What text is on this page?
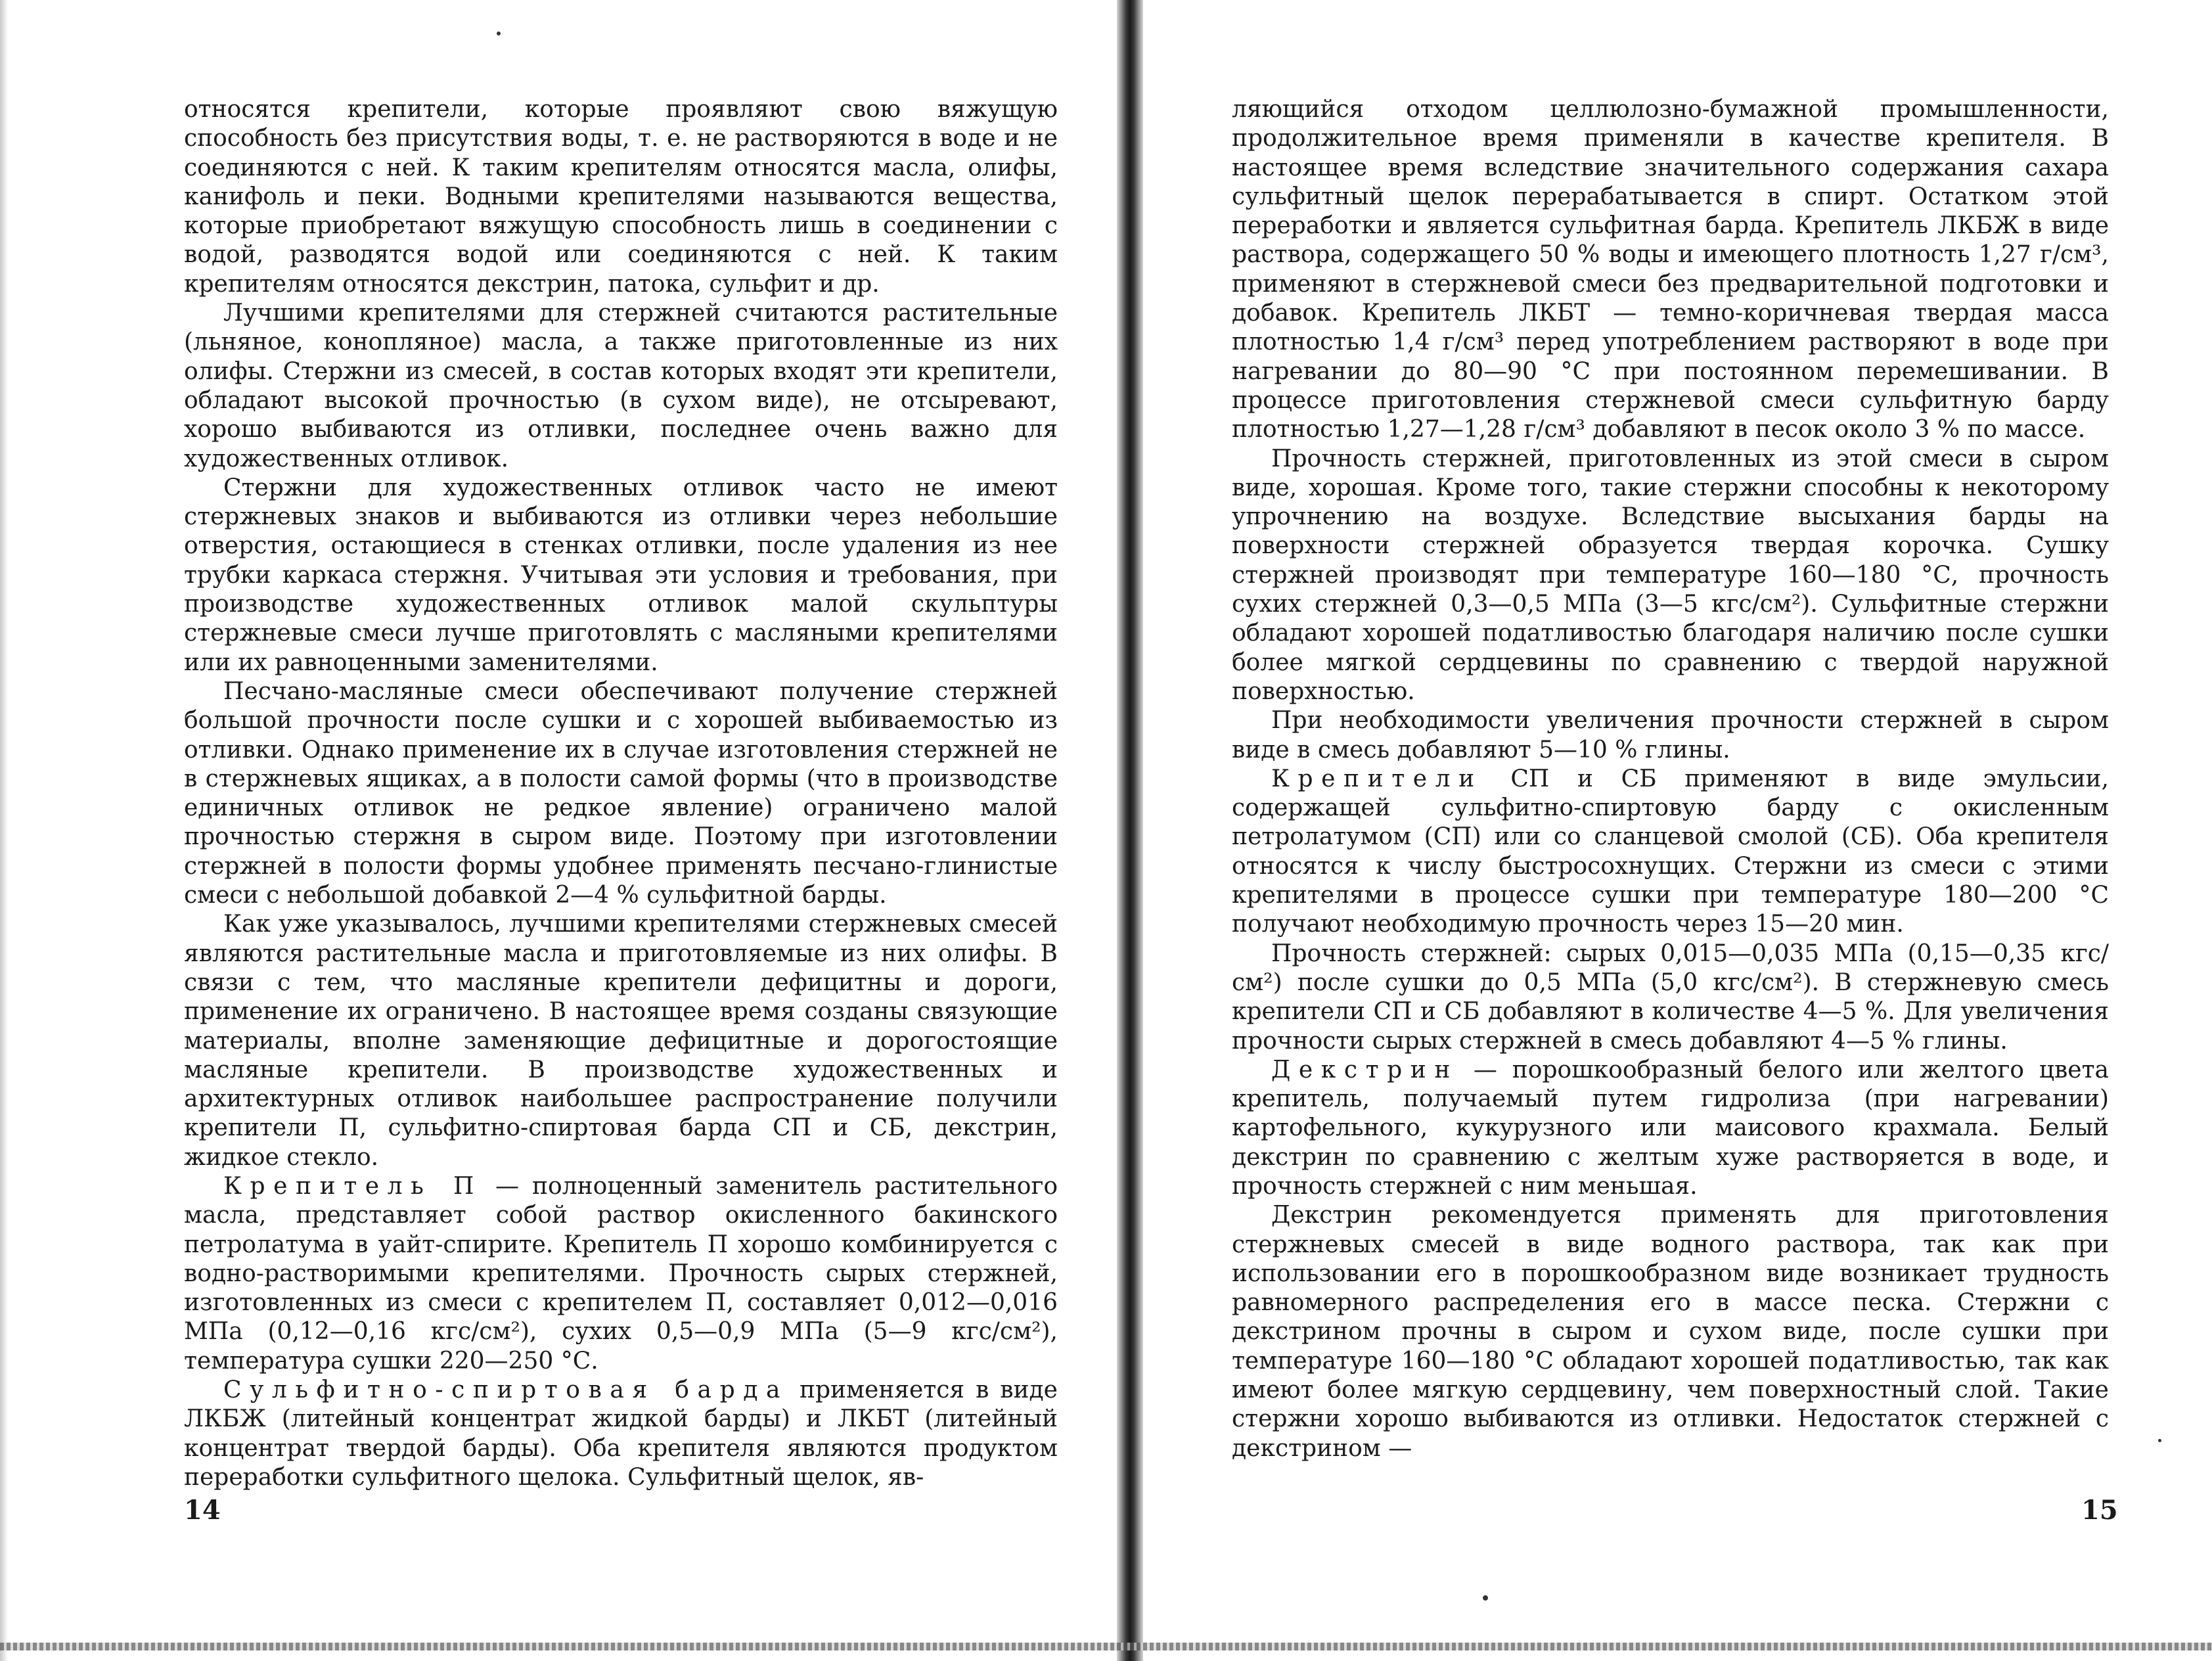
относятся крепители, которые проявляют свою вяжущую способность без присутствия воды, т. е. не растворяются в воде и не соединяются с ней. К таким крепителям относятся масла, олифы, канифоль и пеки. Водными крепителями называются вещества, которые приобретают вяжущую способность лишь в соединении с водой, разводятся водой или соединяются с ней. К таким крепителям относятся декстрин, патока, сульфит и др.

Лучшими крепителями для стержней считаются растительные (льняное, конопляное) масла, а также приготовленные из них олифы. Стержни из смесей, в состав которых входят эти крепители, обладают высокой прочностью (в сухом виде), не отсыревают, хорошо выбиваются из отливки, последнее очень важно для художественных отливок.

Стержни для художественных отливок часто не имеют стержневых знаков и выбиваются из отливки через небольшие отверстия, остающиеся в стенках отливки, после удаления из нее трубки каркаса стержня. Учитывая эти условия и требования, при производстве художественных отливок малой скульптуры стержневые смеси лучше приготовлять с масляными крепителями или их равноценными заменителями.

Песчано-масляные смеси обеспечивают получение стержней большой прочности после сушки и с хорошей выбиваемостью из отливки. Однако применение их в случае изготовления стержней не в стержневых ящиках, а в полости самой формы (что в производстве единичных отливок не редкое явление) ограничено малой прочностью стержня в сыром виде. Поэтому при изготовлении стержней в полости формы удобнее применять песчано-глинистые смеси с небольшой добавкой 2—4 % сульфитной барды.

Как уже указывалось, лучшими крепителями стержневых смесей являются растительные масла и приготовляемые из них олифы. В связи с тем, что масляные крепители дефицитны и дороги, применение их ограничено. В настоящее время созданы связующие материалы, вполне заменяющие дефицитные и дорогостоящие масляные крепители. В производстве художественных и архитектурных отливок наибольшее распространение получили крепители П, сульфитно-спиртовая барда СП и СБ, декстрин, жидкое стекло.

Крепитель П — полноценный заменитель растительного масла, представляет собой раствор окисленного бакинского петролатума в уайт-спирите. Крепитель П хорошо комбинируется с водно-растворимыми крепителями. Прочность сырых стержней, изготовленных из смеси с крепителем П, составляет 0,012—0,016 МПа (0,12—0,16 кгс/см²), сухих 0,5—0,9 МПа (5—9 кгс/см²), температура сушки 220—250 °С.

Сульфитно-спиртовая барда применяется в виде ЛКБЖ (литейный концентрат жидкой барды) и ЛКБТ (литейный концентрат твердой барды). Оба крепителя являются продуктом переработки сульфитного щелока. Сульфитный щелок, яв-

14

ляющийся отходом целлюлозно-бумажной промышленности, продолжительное время применяли в качестве крепителя. В настоящее время вследствие значительного содержания сахара сульфитный щелок перерабатывается в спирт. Остатком этой переработки и является сульфитная барда. Крепитель ЛКБЖ в виде раствора, содержащего 50 % воды и имеющего плотность 1,27 г/см³, применяют в стержневой смеси без предварительной подготовки и добавок. Крепитель ЛКБТ — темно-коричневая твердая масса плотностью 1,4 г/см³ перед употреблением растворяют в воде при нагревании до 80—90 °С при постоянном перемешивании. В процессе приготовления стержневой смеси сульфитную барду плотностью 1,27—1,28 г/см³ добавляют в песок около 3 % по массе.

Прочность стержней, приготовленных из этой смеси в сыром виде, хорошая. Кроме того, такие стержни способны к некоторому упрочнению на воздухе. Вследствие высыхания барды на поверхности стержней образуется твердая корочка. Сушку стержней производят при температуре 160—180 °С, прочность сухих стержней 0,3—0,5 МПа (3—5 кгс/см²). Сульфитные стержни обладают хорошей податливостью благодаря наличию после сушки более мягкой сердцевины по сравнению с твердой наружной поверхностью.

При необходимости увеличения прочности стержней в сыром виде в смесь добавляют 5—10 % глины.

Крепители СП и СБ применяют в виде эмульсии, содержащей сульфитно-спиртовую барду с окисленным петролатумом (СП) или со сланцевой смолой (СБ). Оба крепителя относятся к числу быстросохнущих. Стержни из смеси с этими крепителями в процессе сушки при температуре 180—200 °С получают необходимую прочность через 15—20 мин.

Прочность стержней: сырых 0,015—0,035 МПа (0,15—0,35 кгс/см²) после сушки до 0,5 МПа (5,0 кгс/см²). В стержневую смесь крепители СП и СБ добавляют в количестве 4—5 %. Для увеличения прочности сырых стержней в смесь добавляют 4—5 % глины.

Декстрин — порошкообразный белого или желтого цвета крепитель, получаемый путем гидролиза (при нагревании) картофельного, кукурузного или маисового крахмала. Белый декстрин по сравнению с желтым хуже растворяется в воде, и прочность стержней с ним меньшая.

Декстрин рекомендуется применять для приготовления стержневых смесей в виде водного раствора, так как при использовании его в порошкообразном виде возникает трудность равномерного распределения его в массе песка. Стержни с декстрином прочны в сыром и сухом виде, после сушки при температуре 160—180 °С обладают хорошей податливостью, так как имеют более мягкую сердцевину, чем поверхностный слой. Такие стержни хорошо выбиваются из отливки. Недостаток стержней с декстрином —

15
